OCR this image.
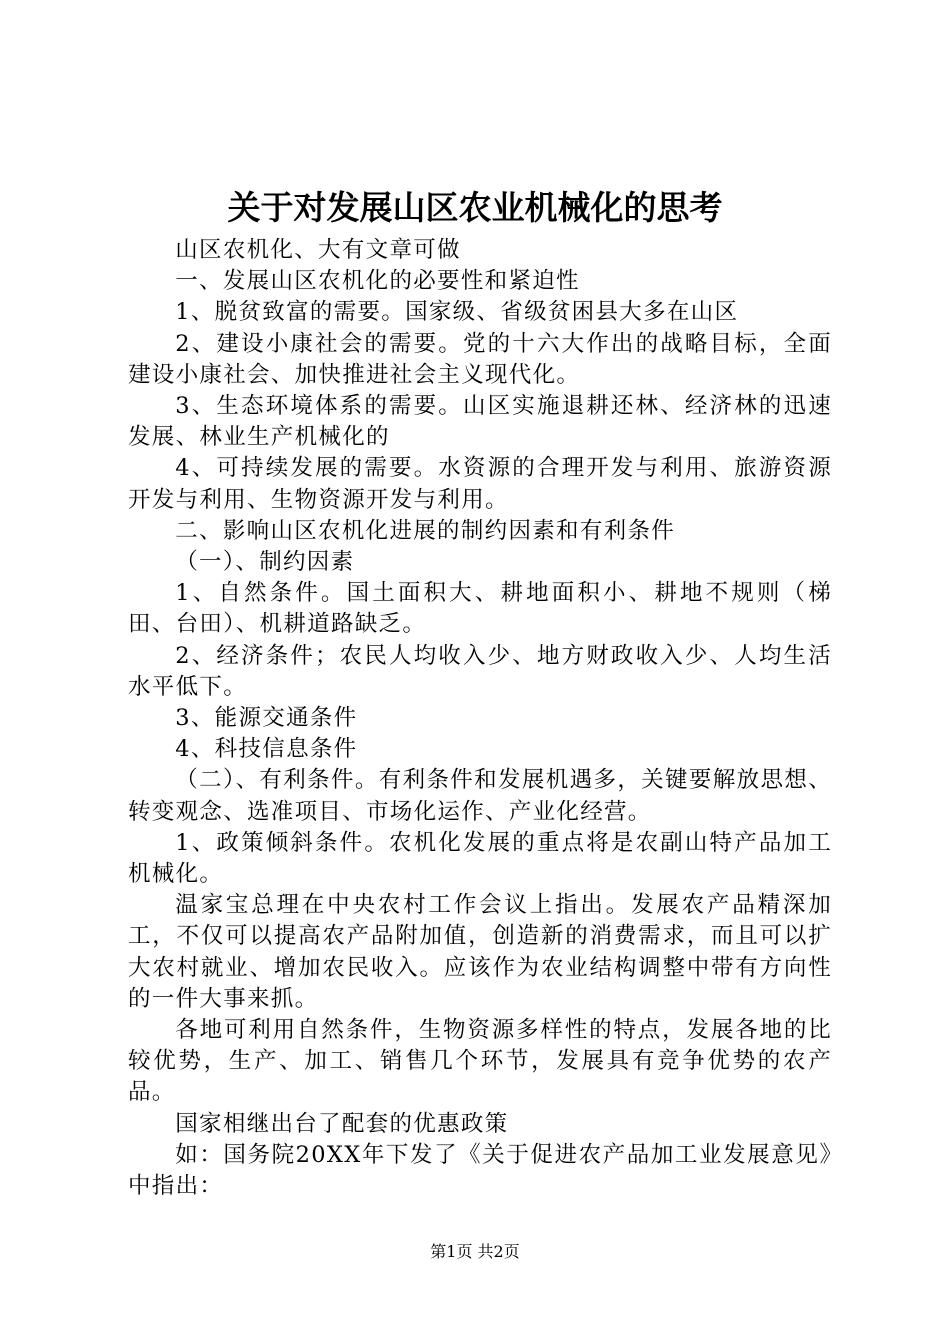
关于对发展山区农业机械化的思考

山区农机化、大有文章可做

一、发展山区农机化的必要性和紧迫性

1、脱贫致富的需要。国家级、省级贫困县大多在山区

2、建设小康社会的需要。党的十六大作出的战略目标，全面建设小康社会、加快推进社会主义现代化。

3、生态环境体系的需要。山区实施退耕还林、经济林的迅速发展、林业生产机械化的

4、可持续发展的需要。水资源的合理开发与利用、旅游资源开发与利用、生物资源开发与利用。

二、影响山区农机化进展的制约因素和有利条件

（一）、制约因素

1、自然条件。国土面积大、耕地面积小、耕地不规则（梯田、台田）、机耕道路缺乏。

2、经济条件；农民人均收入少、地方财政收入少、人均生活水平低下。

3、能源交通条件

4、科技信息条件

（二）、有利条件。有利条件和发展机遇多，关键要解放思想、转变观念、选准项目、市场化运作、产业化经营。

1、政策倾斜条件。农机化发展的重点将是农副山特产品加工机械化。

温家宝总理在中央农村工作会议上指出。发展农产品精深加工，不仅可以提高农产品附加值，创造新的消费需求，而且可以扩大农村就业、增加农民收入。应该作为农业结构调整中带有方向性的一件大事来抓。

各地可利用自然条件，生物资源多样性的特点，发展各地的比较优势，生产、加工、销售几个环节，发展具有竞争优势的农产品。

国家相继出台了配套的优惠政策

如：国务院20XX年下发了《关于促进农产品加工业发展意见》中指出：

第1页 共2页
